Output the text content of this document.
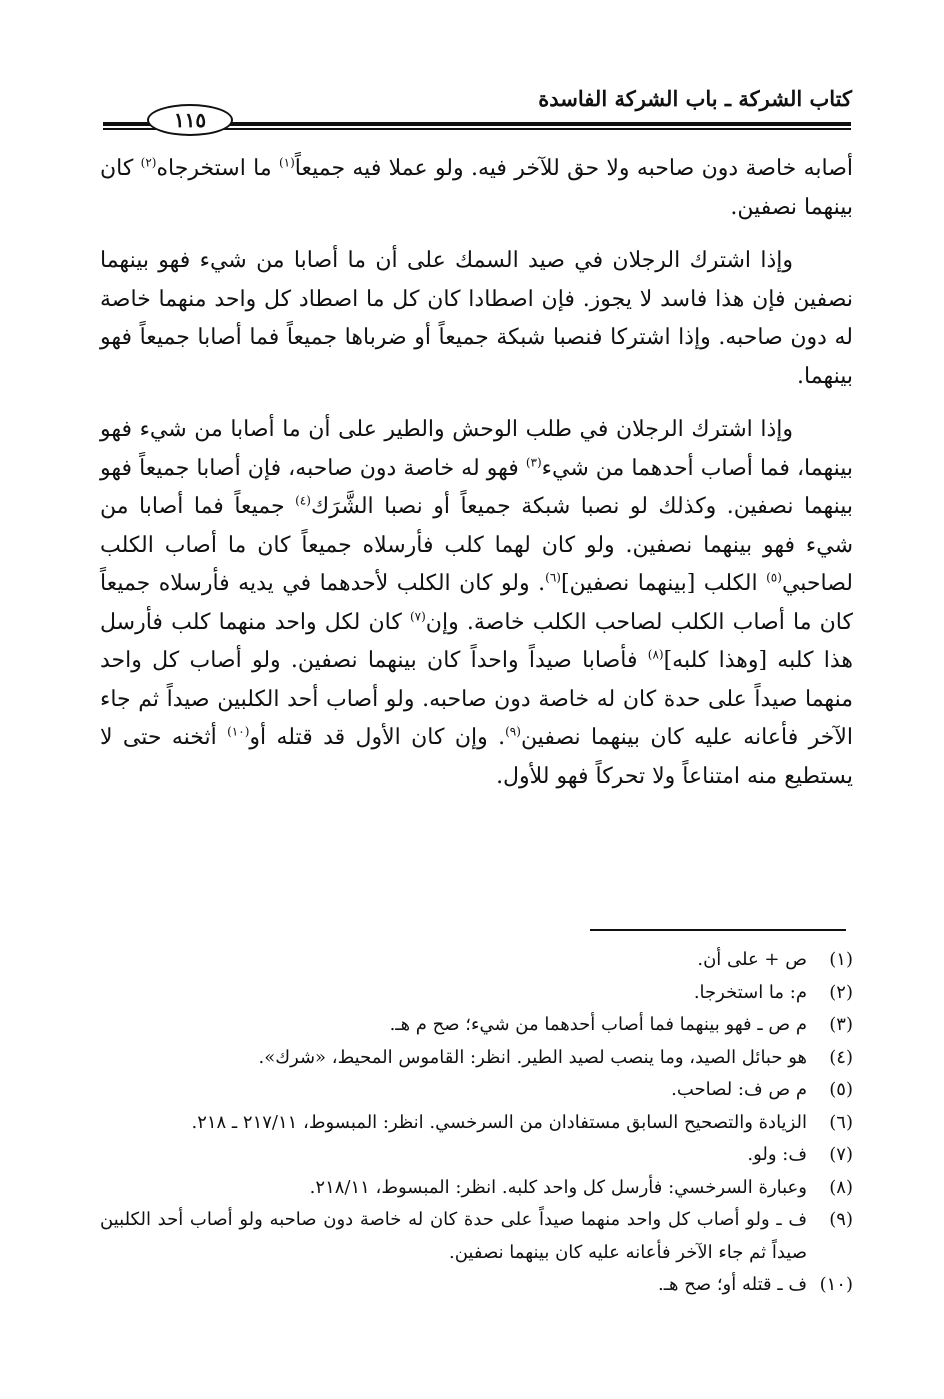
كتاب الشركة ـ باب الشركة الفاسدة
١١٥

أصابه خاصة دون صاحبه ولا حق للآخر فيه. ولو عملا فيه جميعاً$^{(١)}$ ما استخرجاه$^{(٢)}$ كان بينهما نصفين.

وإذا اشترك الرجلان في صيد السمك على أن ما أصابا من شيء فهو بينهما نصفين فإن هذا فاسد لا يجوز. فإن اصطادا كان كل ما اصطاد كل واحد منهما خاصة له دون صاحبه. وإذا اشتركا فنصبا شبكة جميعاً أو ضرباها جميعاً فما أصابا جميعاً فهو بينهما.

وإذا اشترك الرجلان في طلب الوحش والطير على أن ما أصابا من شيء فهو بينهما، فما أصاب أحدهما من شيء$^{(٣)}$ فهو له خاصة دون صاحبه، فإن أصابا جميعاً فهو بينهما نصفين. وكذلك لو نصبا شبكة جميعاً أو نصبا الشَّرَك$^{(٤)}$ جميعاً فما أصابا من شيء فهو بينهما نصفين. ولو كان لهما كلب فأرسلاه جميعاً كان ما أصاب الكلب لصاحبي$^{(٥)}$ الكلب [بينهما نصفين]$^{(٦)}$. ولو كان الكلب لأحدهما في يديه فأرسلاه جميعاً كان ما أصاب الكلب لصاحب الكلب خاصة. وإن$^{(٧)}$ كان لكل واحد منهما كلب فأرسل هذا كلبه [وهذا كلبه]$^{(٨)}$ فأصابا صيداً واحداً كان بينهما نصفين. ولو أصاب كل واحد منهما صيداً على حدة كان له خاصة دون صاحبه. ولو أصاب أحد الكلبين صيداً ثم جاء الآخر فأعانه عليه كان بينهما نصفين$^{(٩)}$. وإن كان الأول قد قتله أو$^{(١٠)}$ أثخنه حتى لا يستطيع منه امتناعاً ولا تحركاً فهو للأول.

(١)
ص + على أن.
(٢)
م: ما استخرجا.
(٣)
م ص ـ فهو بينهما فما أصاب أحدهما من شيء؛ صح م هـ.
(٤)
هو حبائل الصيد، وما ينصب لصيد الطير. انظر: القاموس المحيط، «شرك».
(٥)
م ص ف: لصاحب.
(٦)
الزيادة والتصحيح السابق مستفادان من السرخسي. انظر: المبسوط، ٢١٧/١١ ـ ٢١٨.
(٧)
ف: ولو.
(٨)
وعبارة السرخسي: فأرسل كل واحد كلبه. انظر: المبسوط، ٢١٨/١١.
(٩)
ف ـ ولو أصاب كل واحد منهما صيداً على حدة كان له خاصة دون صاحبه ولو أصاب أحد الكلبين صيداً ثم جاء الآخر فأعانه عليه كان بينهما نصفين.
(١٠)
ف ـ قتله أو؛ صح هـ.
